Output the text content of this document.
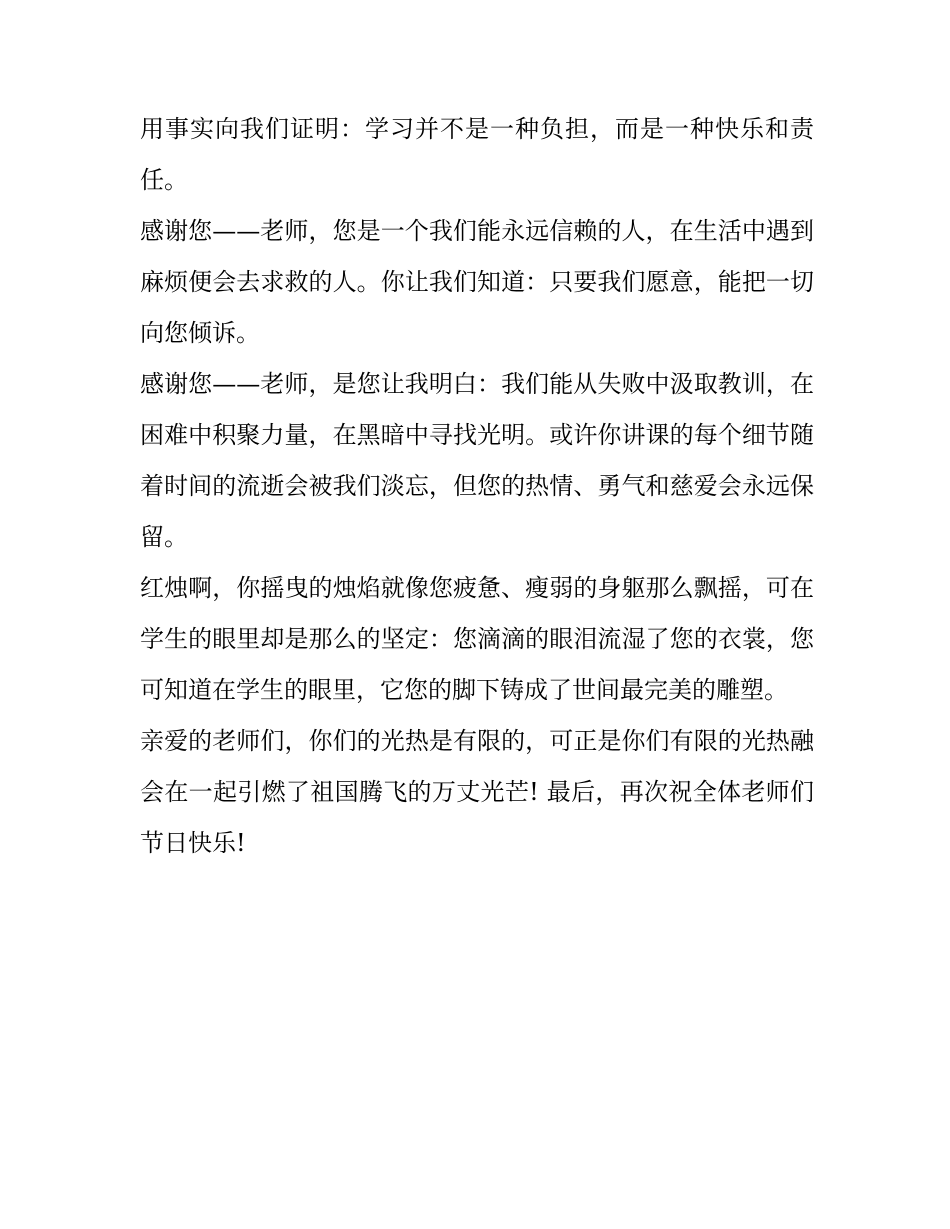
用事实向我们证明：学习并不是一种负担，而是一种快乐和责任。

感谢您——老师，您是一个我们能永远信赖的人，在生活中遇到麻烦便会去求救的人。你让我们知道：只要我们愿意，能把一切向您倾诉。

感谢您——老师，是您让我明白：我们能从失败中汲取教训，在困难中积聚力量，在黑暗中寻找光明。或许你讲课的每个细节随着时间的流逝会被我们淡忘，但您的热情、勇气和慈爱会永远保留。

红烛啊，你摇曳的烛焰就像您疲惫、瘦弱的身躯那么飘摇，可在学生的眼里却是那么的坚定：您滴滴的眼泪流湿了您的衣裳，您可知道在学生的眼里，它您的脚下铸成了世间最完美的雕塑。

亲爱的老师们，你们的光热是有限的，可正是你们有限的光热融会在一起引燃了祖国腾飞的万丈光芒! 最后，再次祝全体老师们节日快乐!
